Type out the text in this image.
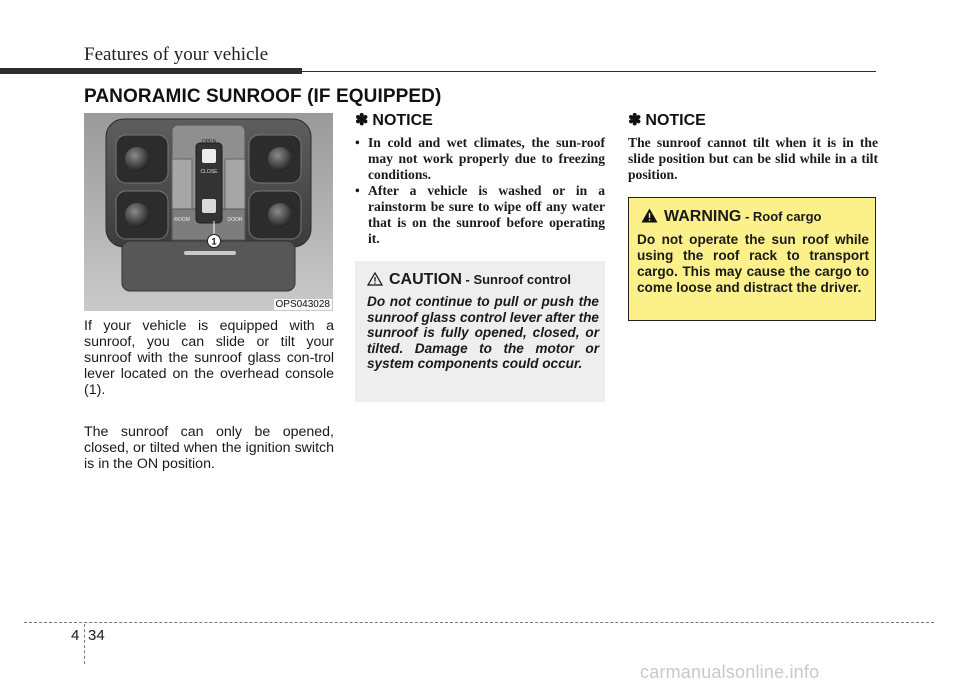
Features of your vehicle
PANORAMIC SUNROOF (IF EQUIPPED)
OPEN
CLOSE
ROOM	DOOR
1
OPS043028
If your vehicle is equipped with a sunroof, you can slide or tilt your sunroof with the sunroof glass con-trol lever located on the overhead console (1).
The sunroof can only be opened, closed, or tilted when the ignition switch is in the ON position.
✽ NOTICE
• In cold and wet climates, the sun-roof may not work properly due to freezing conditions.
• After a vehicle is washed or in a rainstorm be sure to wipe off any water that is on the sunroof before operating it.
CAUTION - Sunroof control
Do not continue to pull or push the sunroof glass control lever after the sunroof is fully opened, closed, or tilted. Damage to the motor or system components could occur.
✽ NOTICE
The sunroof cannot tilt when it is in the slide position but can be slid while in a tilt position.
WARNING - Roof cargo
Do not operate the sun roof while using the roof rack to transport cargo. This may cause the cargo to come loose and distract the driver.
4 34
carmanualsonline.info
